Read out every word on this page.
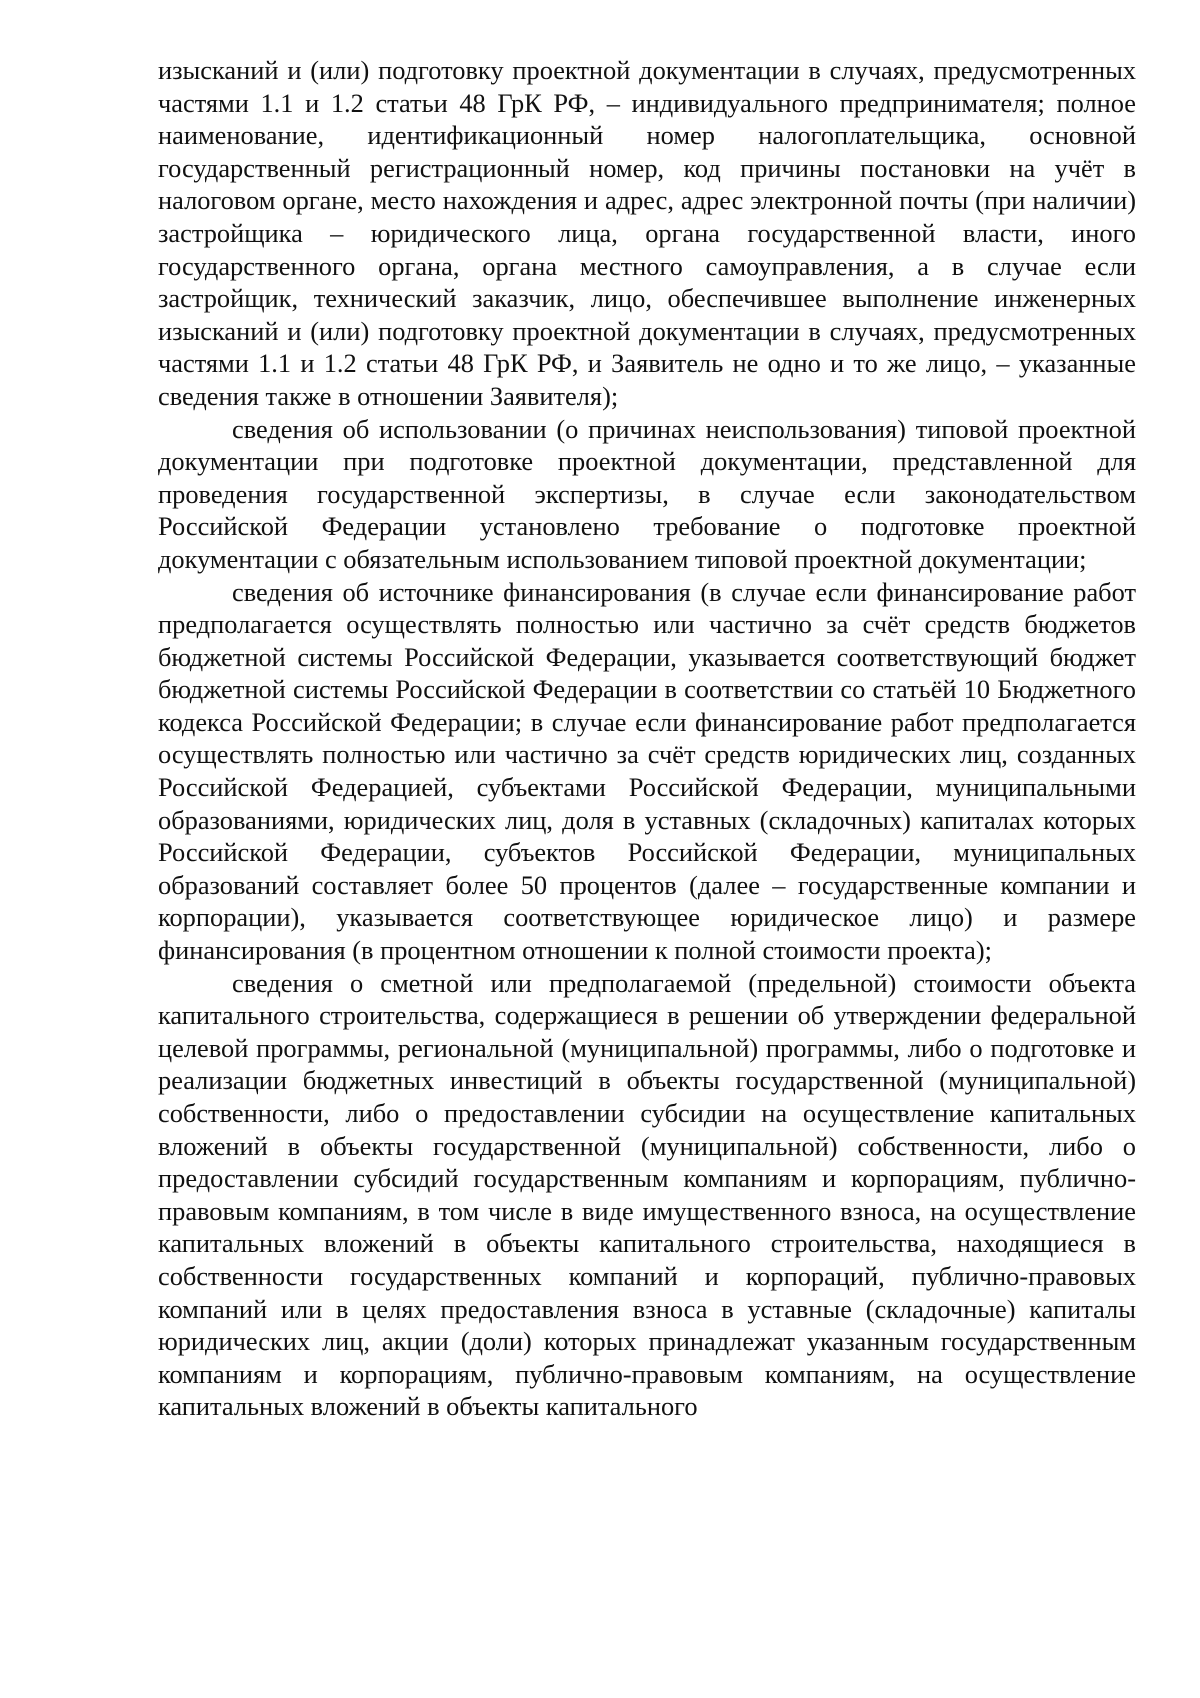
изысканий и (или) подготовку проектной документации в случаях, предусмотренных частями 1.1 и 1.2 статьи 48 ГрК РФ, – индивидуального предпринимателя; полное наименование, идентификационный номер налогоплательщика, основной государственный регистрационный номер, код причины постановки на учёт в налоговом органе, место нахождения и адрес, адрес электронной почты (при наличии) застройщика – юридического лица, органа государственной власти, иного государственного органа, органа местного самоуправления, а в случае если застройщик, технический заказчик, лицо, обеспечившее выполнение инженерных изысканий и (или) подготовку проектной документации в случаях, предусмотренных частями 1.1 и 1.2 статьи 48 ГрК РФ, и Заявитель не одно и то же лицо, – указанные сведения также в отношении Заявителя);

сведения об использовании (о причинах неиспользования) типовой проектной документации при подготовке проектной документации, представленной для проведения государственной экспертизы, в случае если законодательством Российской Федерации установлено требование о подготовке проектной документации с обязательным использованием типовой проектной документации;

сведения об источнике финансирования (в случае если финансирование работ предполагается осуществлять полностью или частично за счёт средств бюджетов бюджетной системы Российской Федерации, указывается соответствующий бюджет бюджетной системы Российской Федерации в соответствии со статьёй 10 Бюджетного кодекса Российской Федерации; в случае если финансирование работ предполагается осуществлять полностью или частично за счёт средств юридических лиц, созданных Российской Федерацией, субъектами Российской Федерации, муниципальными образованиями, юридических лиц, доля в уставных (складочных) капиталах которых Российской Федерации, субъектов Российской Федерации, муниципальных образований составляет более 50 процентов (далее – государственные компании и корпорации), указывается соответствующее юридическое лицо) и размере финансирования (в процентном отношении к полной стоимости проекта);

сведения о сметной или предполагаемой (предельной) стоимости объекта капитального строительства, содержащиеся в решении об утверждении федеральной целевой программы, региональной (муниципальной) программы, либо о подготовке и реализации бюджетных инвестиций в объекты государственной (муниципальной) собственности, либо о предоставлении субсидии на осуществление капитальных вложений в объекты государственной (муниципальной) собственности, либо о предоставлении субсидий государственным компаниям и корпорациям, публично-правовым компаниям, в том числе в виде имущественного взноса, на осуществление капитальных вложений в объекты капитального строительства, находящиеся в собственности государственных компаний и корпораций, публично-правовых компаний или в целях предоставления взноса в уставные (складочные) капиталы юридических лиц, акции (доли) которых принадлежат указанным государственным компаниям и корпорациям, публично-правовым компаниям, на осуществление капитальных вложений в объекты капитального
